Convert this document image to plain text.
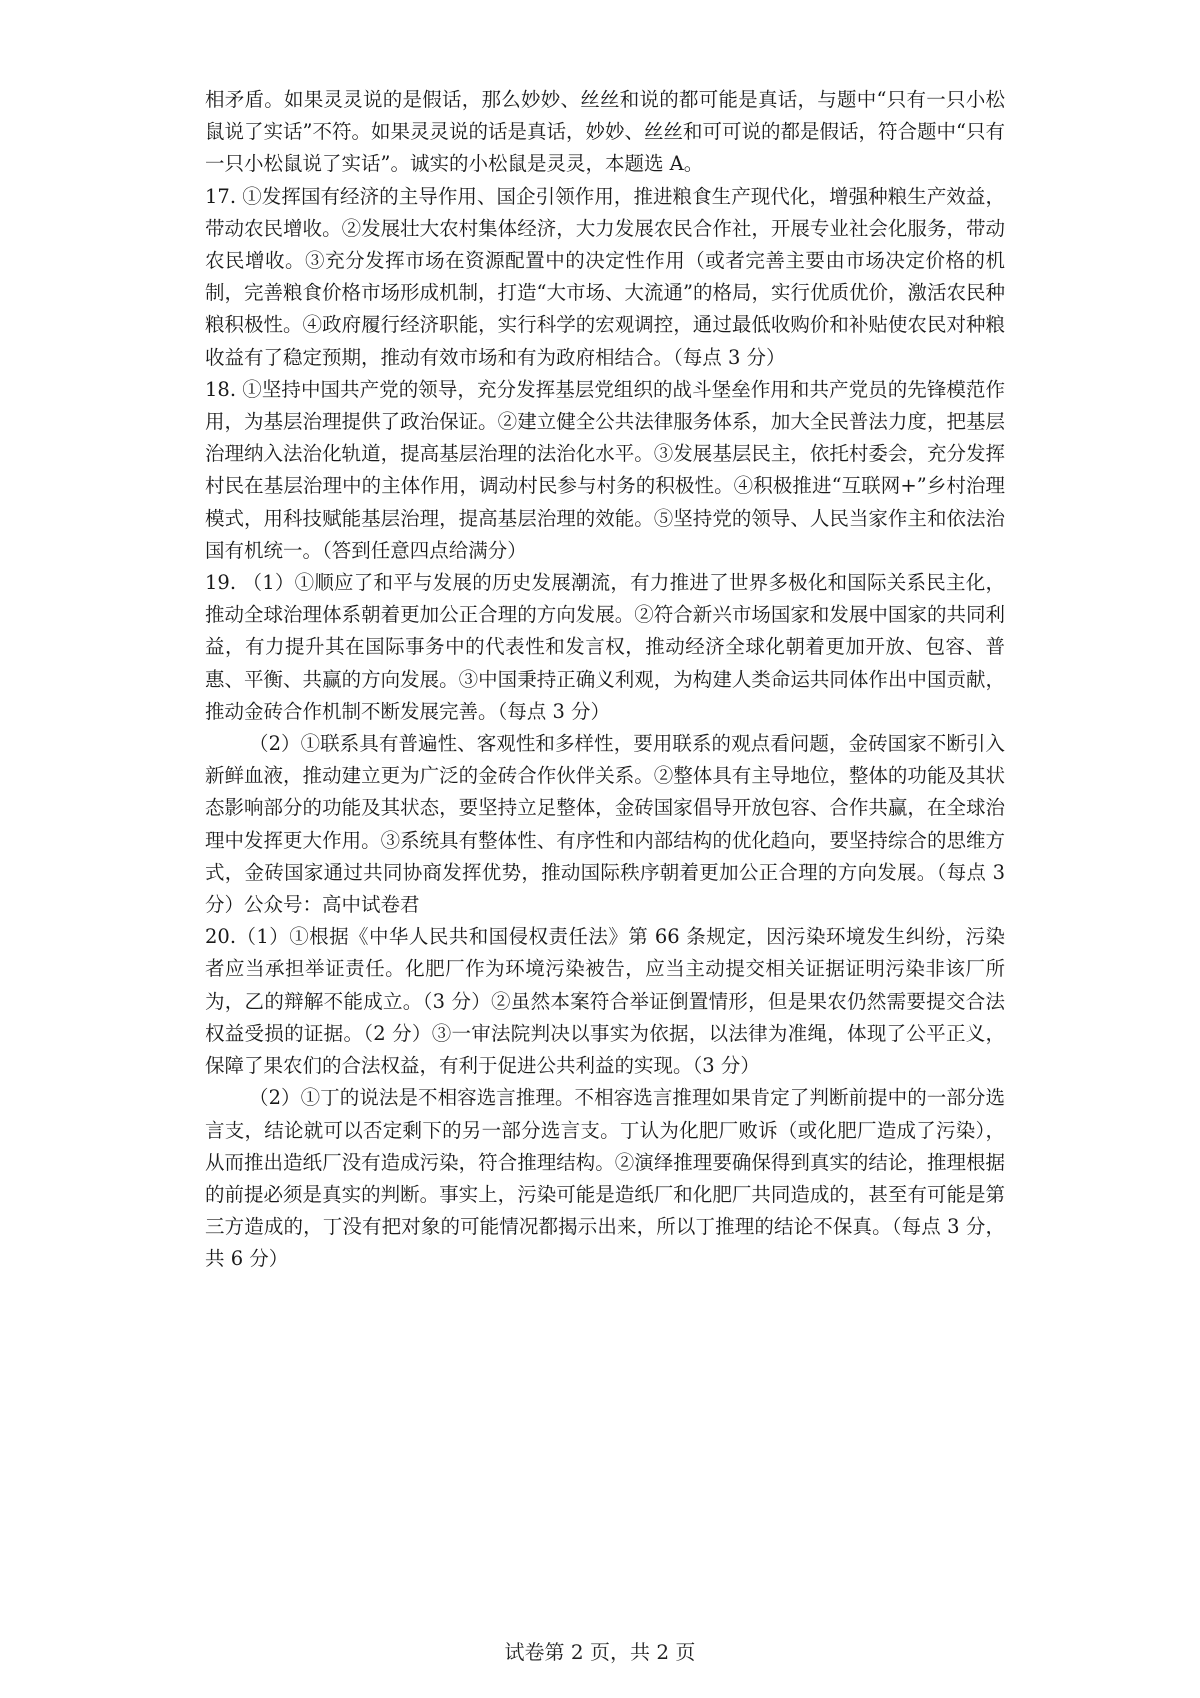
相矛盾。如果灵灵说的是假话，那么妙妙、丝丝和说的都可能是真话，与题中“只有一只小松鼠说了实话”不符。如果灵灵说的话是真话，妙妙、丝丝和可可说的都是假话，符合题中“只有一只小松鼠说了实话”。诚实的小松鼠是灵灵，本题选 A。

17. ①发挥国有经济的主导作用、国企引领作用，推进粮食生产现代化，增强种粮生产效益，带动农民增收。②发展壮大农村集体经济，大力发展农民合作社，开展专业社会化服务，带动农民增收。③充分发挥市场在资源配置中的决定性作用（或者完善主要由市场决定价格的机制，完善粮食价格市场形成机制，打造“大市场、大流通”的格局，实行优质优价，激活农民种粮积极性。④政府履行经济职能，实行科学的宏观调控，通过最低收购价和补贴使农民对种粮收益有了稳定预期，推动有效市场和有为政府相结合。（每点 3 分）

18. ①坚持中国共产党的领导，充分发挥基层党组织的战斗堡垒作用和共产党员的先锋模范作用，为基层治理提供了政治保证。②建立健全公共法律服务体系，加大全民普法力度，把基层治理纳入法治化轨道，提高基层治理的法治化水平。③发展基层民主，依托村委会，充分发挥村民在基层治理中的主体作用，调动村民参与村务的积极性。④积极推进“互联网+”乡村治理模式，用科技赋能基层治理，提高基层治理的效能。⑤坚持党的领导、人民当家作主和依法治国有机统一。（答到任意四点给满分）

19. （1）①顺应了和平与发展的历史发展潮流，有力推进了世界多极化和国际关系民主化，推动全球治理体系朝着更加公正合理的方向发展。②符合新兴市场国家和发展中国家的共同利益，有力提升其在国际事务中的代表性和发言权，推动经济全球化朝着更加开放、包容、普惠、平衡、共赢的方向发展。③中国秉持正确义利观，为构建人类命运共同体作出中国贡献，推动金砖合作机制不断发展完善。（每点 3 分）

（2）①联系具有普遍性、客观性和多样性，要用联系的观点看问题，金砖国家不断引入新鲜血液，推动建立更为广泛的金砖合作伙伴关系。②整体具有主导地位，整体的功能及其状态影响部分的功能及其状态，要坚持立足整体，金砖国家倡导开放包容、合作共赢，在全球治理中发挥更大作用。③系统具有整体性、有序性和内部结构的优化趋向，要坚持综合的思维方式，金砖国家通过共同协商发挥优势，推动国际秩序朝着更加公正合理的方向发展。（每点 3 分）公众号：高中试卷君

20.（1）①根据《中华人民共和国侵权责任法》第 66 条规定，因污染环境发生纠纷，污染者应当承担举证责任。化肥厂作为环境污染被告，应当主动提交相关证据证明污染非该厂所为，乙的辩解不能成立。（3 分）②虽然本案符合举证倒置情形，但是果农仍然需要提交合法权益受损的证据。（2 分）③一审法院判决以事实为依据，以法律为准绳，体现了公平正义，保障了果农们的合法权益，有利于促进公共利益的实现。（3 分）

（2）①丁的说法是不相容选言推理。不相容选言推理如果肯定了判断前提中的一部分选言支，结论就可以否定剩下的另一部分选言支。丁认为化肥厂败诉（或化肥厂造成了污染），从而推出造纸厂没有造成污染，符合推理结构。②演绎推理要确保得到真实的结论，推理根据的前提必须是真实的判断。事实上，污染可能是造纸厂和化肥厂共同造成的，甚至有可能是第三方造成的，丁没有把对象的可能情况都揭示出来，所以丁推理的结论不保真。（每点 3 分，共 6 分）

试卷第 2 页，共 2 页
